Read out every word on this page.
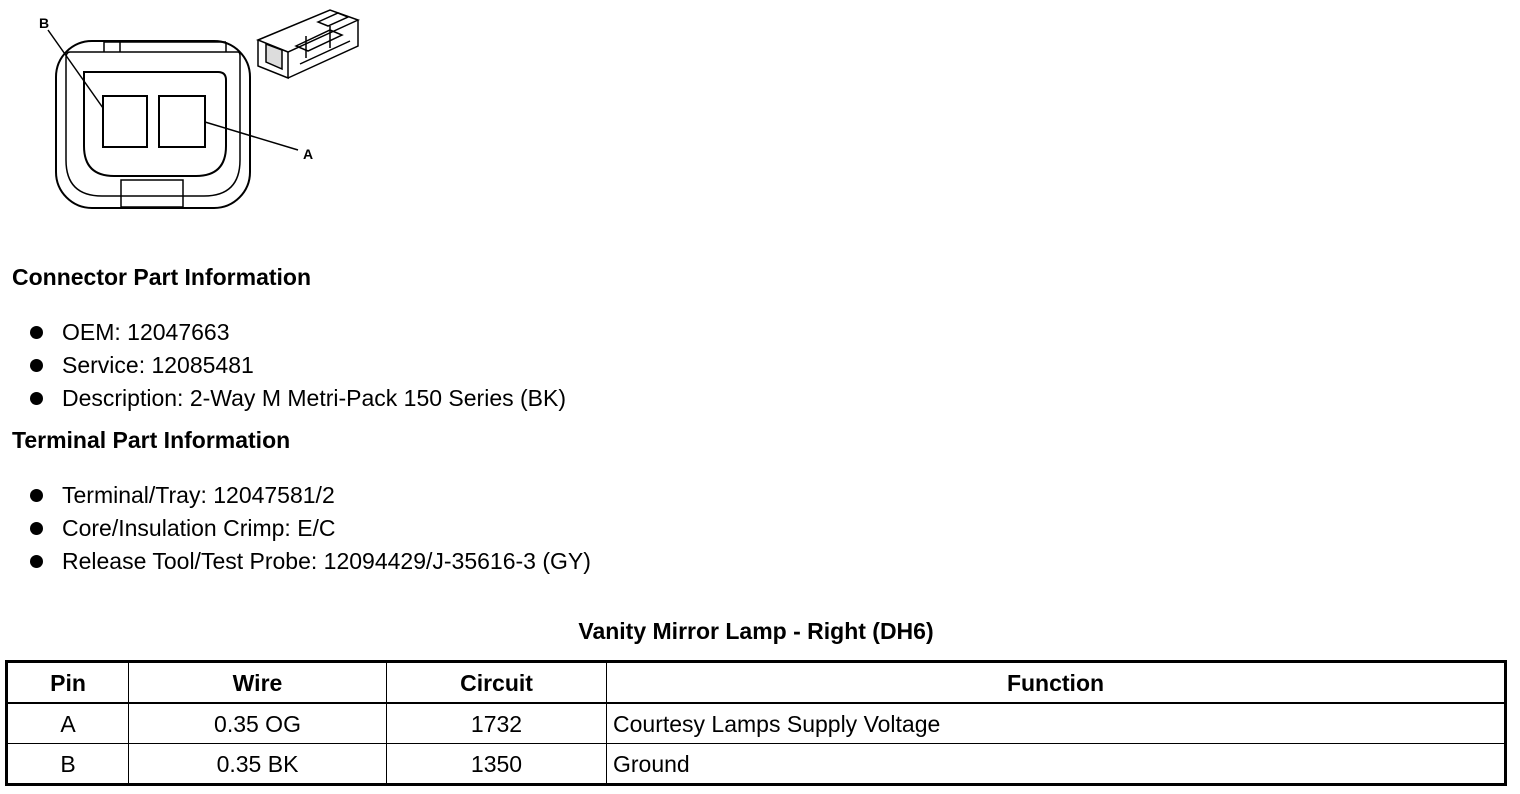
B
A
Connector Part Information
OEM: 12047663
Service: 12085481
Description: 2-Way M Metri-Pack 150 Series (BK)
Terminal Part Information
Terminal/Tray: 12047581/2
Core/Insulation Crimp: E/C
Release Tool/Test Probe: 12094429/J-35616-3 (GY)
Vanity Mirror Lamp - Right (DH6)
Pin	Wire	Circuit	Function
A	0.35 OG	1732	Courtesy Lamps Supply Voltage
B	0.35 BK	1350	Ground
